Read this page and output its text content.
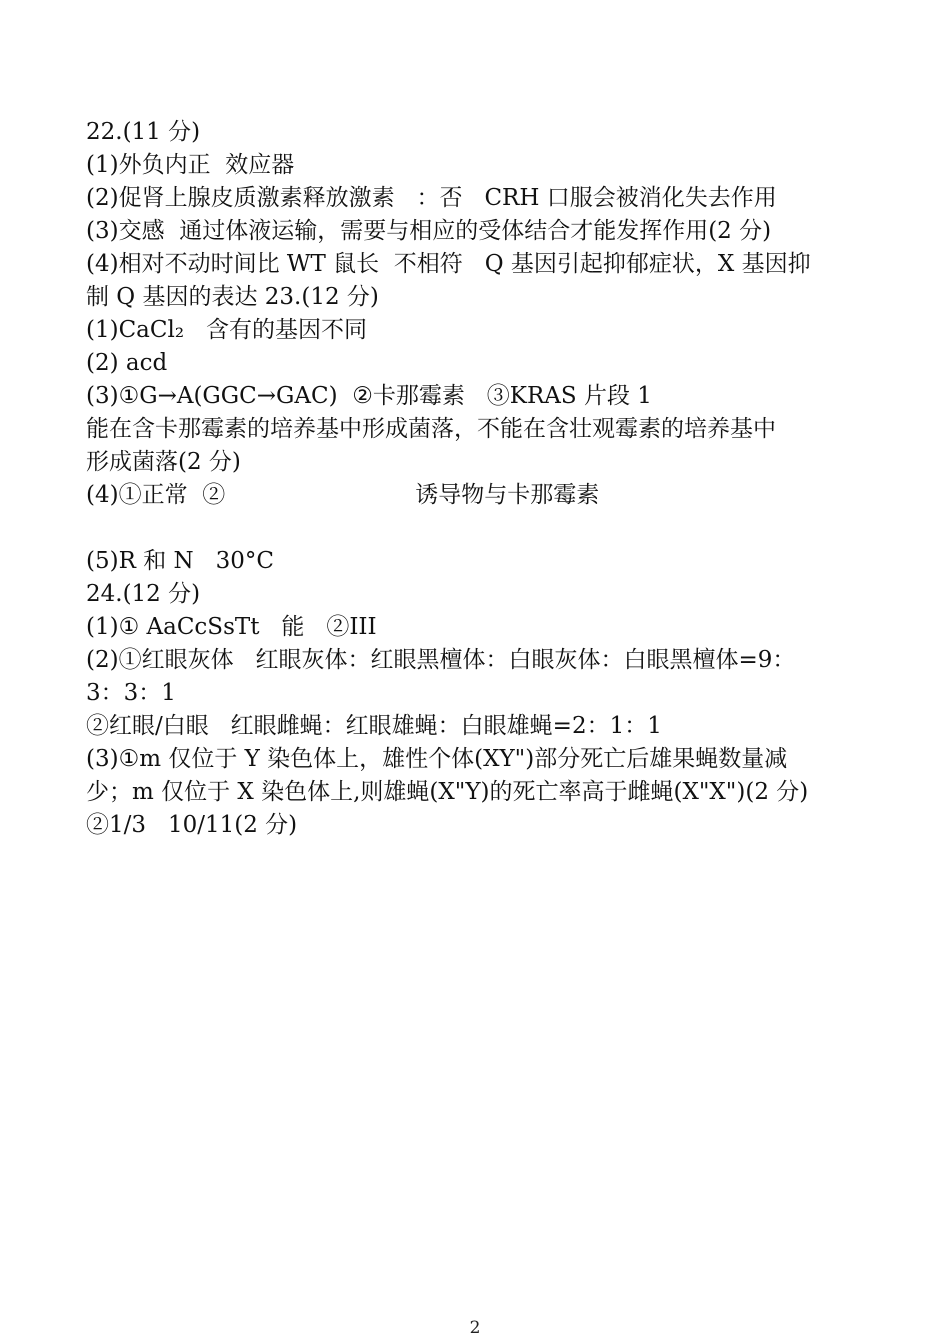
22.(11 分)
(1)外负内正  效应器
(2)促肾上腺皮质激素释放激素   ：否   CRH 口服会被消化失去作用
(3)交感  通过体液运输，需要与相应的受体结合才能发挥作用(2 分)
(4)相对不动时间比 WT 鼠长  不相符   Q 基因引起抑郁症状，X 基因抑
制 Q 基因的表达 23.(12 分)
(1)CaCl₂   含有的基因不同
(2) acd
(3)①G→A(GGC→GAC)  ②卡那霉素   ③KRAS 片段 1
能在含卡那霉素的培养基中形成菌落，不能在含壮观霉素的培养基中
形成菌落(2 分)
(4)①正常  ②                          诱导物与卡那霉素
(5)R 和 N   30°C
24.(12 分)
(1)① AaCcSsTt   能   ②III
(2)①红眼灰体   红眼灰体：红眼黑檀体：白眼灰体：白眼黑檀体=9：
3：3：1
②红眼/白眼   红眼雌蝇：红眼雄蝇：白眼雄蝇=2：1：1
(3)①m 仅位于 Y 染色体上，雄性个体(XY")部分死亡后雄果蝇数量减
少；m 仅位于 X 染色体上,则雄蝇(X"Y)的死亡率高于雌蝇(X"X")(2 分)
②1/3   10/11(2 分)
2
